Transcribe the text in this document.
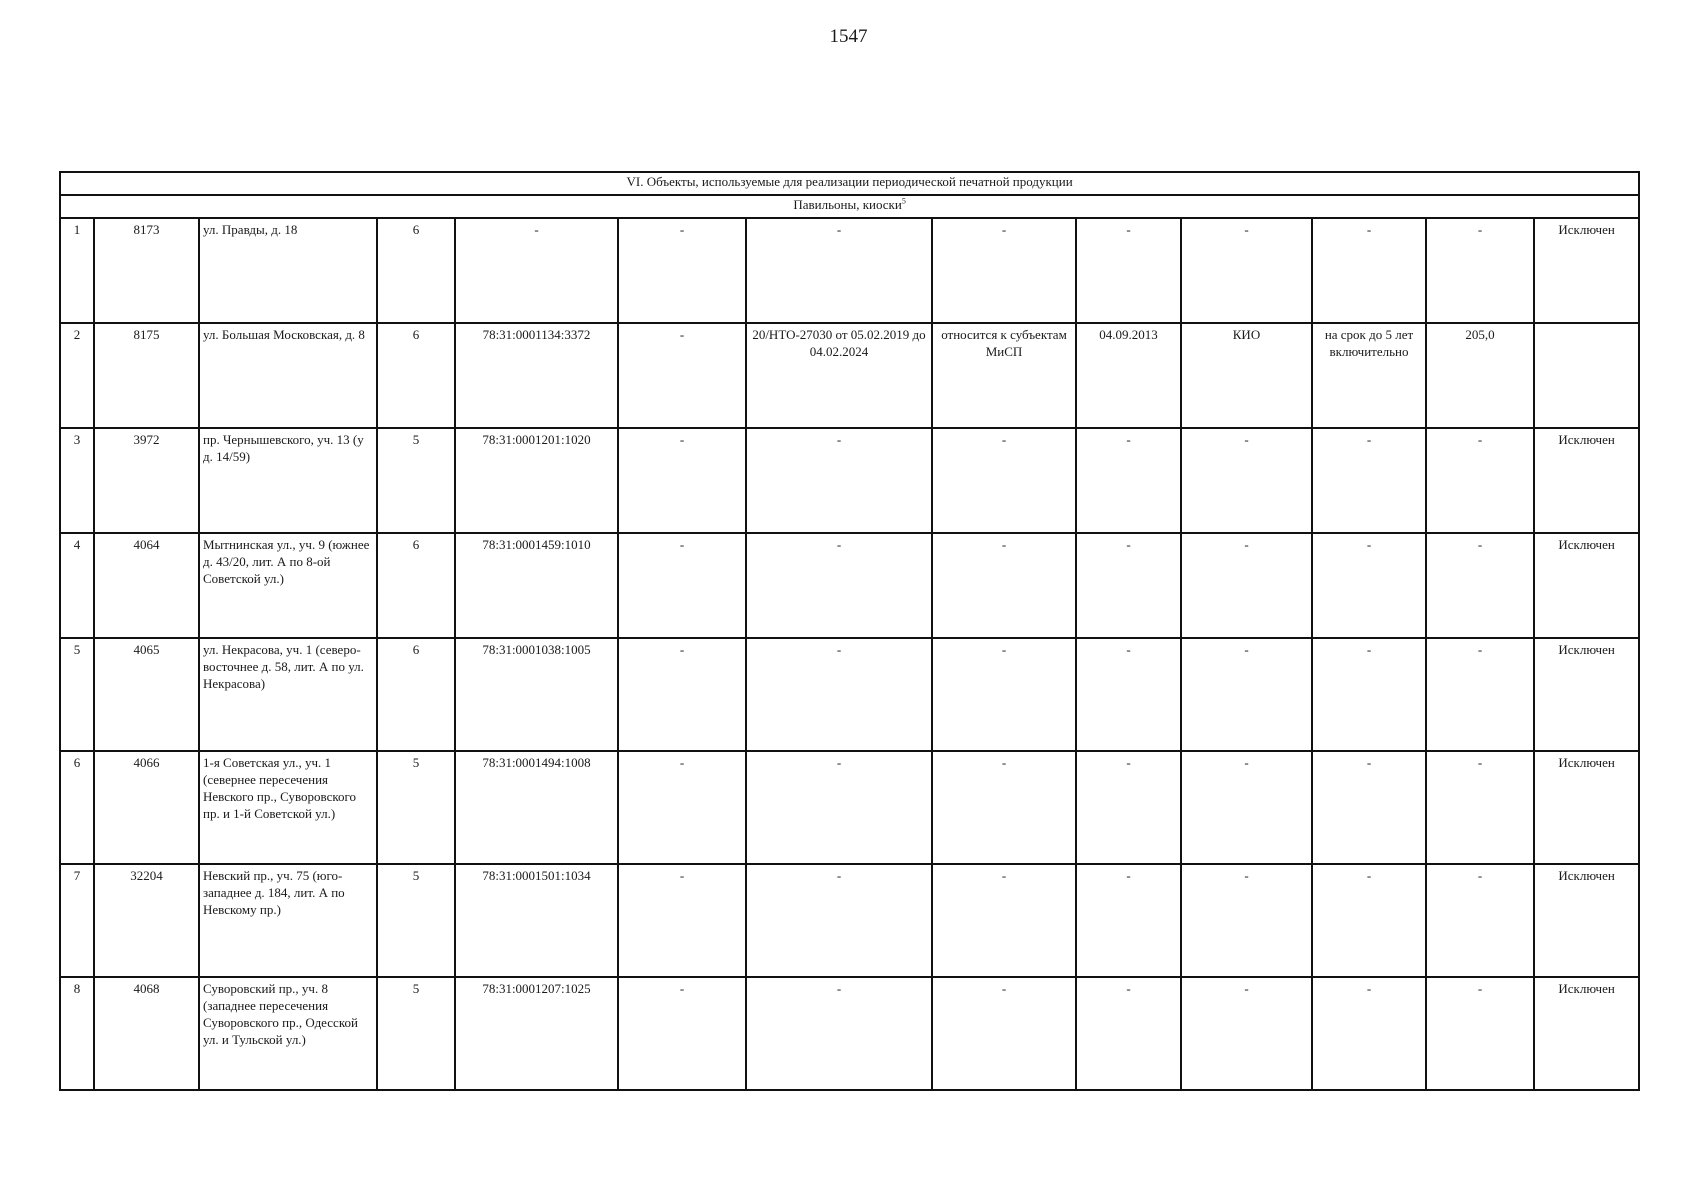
1547
VI. Объекты, используемые для реализации периодической печатной продукции												
Павильоны, киоски$^5$
1	8173	ул. Правды, д. 18	6	-	-	-	-	-	-	-	-	Исключен
2	8175	ул. Большая Московская, д. 8	6	78:31:0001134:3372	-	20/НТО-27030 от 05.02.2019 до 04.02.2024	относится к субъектам МиСП	04.09.2013	КИО	на срок до 5 лет включительно	205,0	
3	3972	пр. Чернышевского, уч. 13 (у д. 14/59)	5	78:31:0001201:1020	-	-	-	-	-	-	-	Исключен
4	4064	Мытнинская ул., уч. 9 (южнее д. 43/20, лит. А по 8-ой Советской ул.)	6	78:31:0001459:1010	-	-	-	-	-	-	-	Исключен
5	4065	ул. Некрасова, уч. 1 (северо-восточнее д. 58, лит. А по ул. Некрасова)	6	78:31:0001038:1005	-	-	-	-	-	-	-	Исключен
6	4066	1-я Советская ул., уч. 1 (севернее пересечения Невского пр., Суворовского пр. и 1-й Советской ул.)	5	78:31:0001494:1008	-	-	-	-	-	-	-	Исключен
7	32204	Невский пр., уч. 75 (юго-западнее д. 184, лит. А по Невскому пр.)	5	78:31:0001501:1034	-	-	-	-	-	-	-	Исключен
8	4068	Суворовский пр., уч. 8 (западнее пересечения Суворовского пр., Одесской ул. и Тульской ул.)	5	78:31:0001207:1025	-	-	-	-	-	-	-	Исключен
